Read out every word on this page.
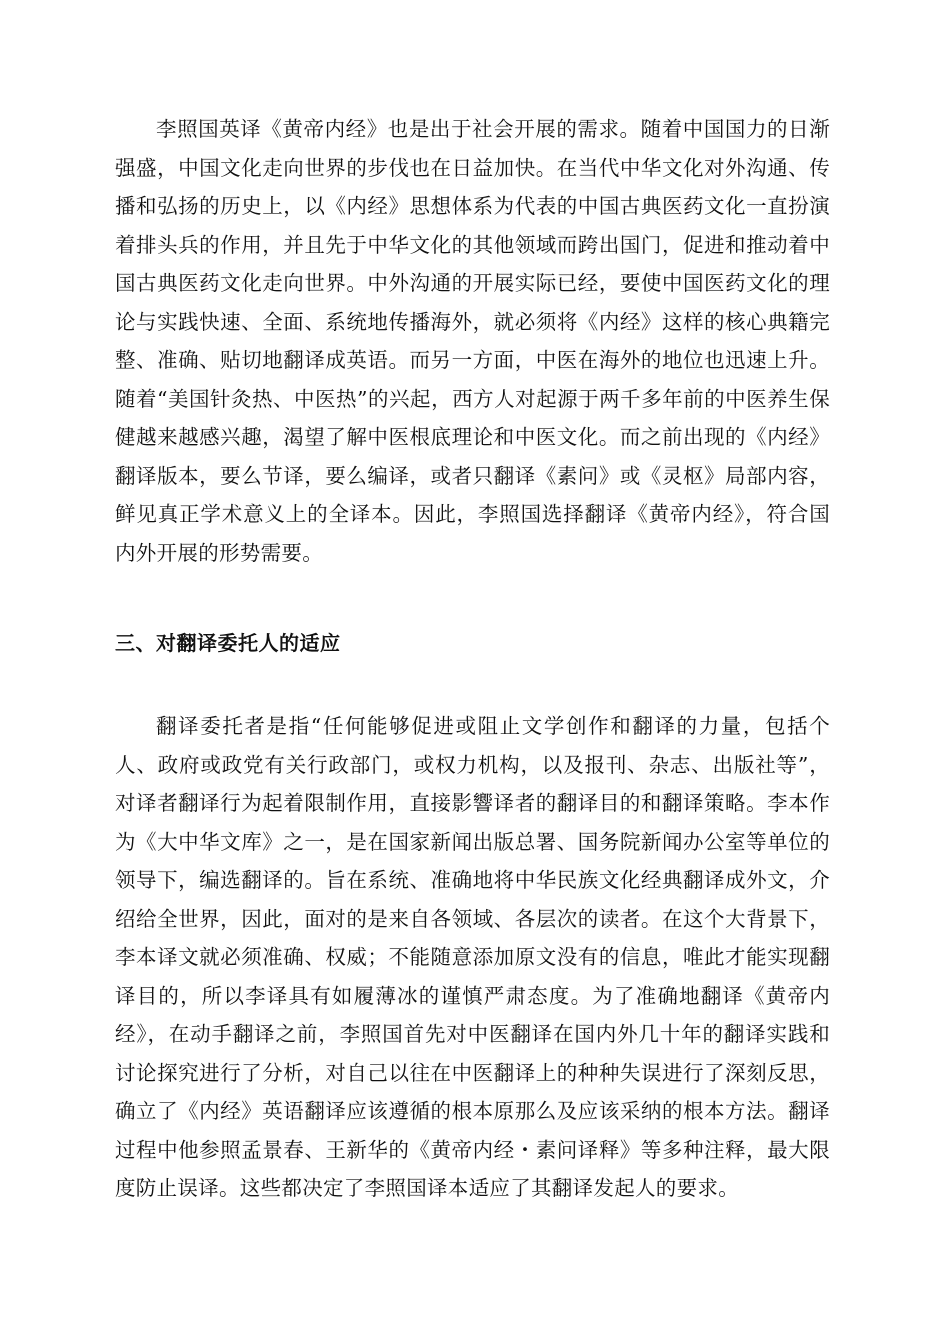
李照国英译《黄帝内经》也是出于社会开展的需求。随着中国国力的日渐强盛，中国文化走向世界的步伐也在日益加快。在当代中华文化对外沟通、传播和弘扬的历史上，以《内经》思想体系为代表的中国古典医药文化一直扮演着排头兵的作用，并且先于中华文化的其他领域而跨出国门，促进和推动着中国古典医药文化走向世界。中外沟通的开展实际已经，要使中国医药文化的理论与实践快速、全面、系统地传播海外，就必须将《内经》这样的核心典籍完整、准确、贴切地翻译成英语。而另一方面，中医在海外的地位也迅速上升。随着“美国针灸热、中医热”的兴起，西方人对起源于两千多年前的中医养生保健越来越感兴趣，渴望了解中医根底理论和中医文化。而之前出现的《内经》翻译版本，要么节译，要么编译，或者只翻译《素问》或《灵枢》局部内容，鲜见真正学术意义上的全译本。因此，李照国选择翻译《黄帝内经》，符合国内外开展的形势需要。

三、对翻译委托人的适应

翻译委托者是指“任何能够促进或阻止文学创作和翻译的力量，包括个人、政府或政党有关行政部门，或权力机构，以及报刊、杂志、出版社等”，对译者翻译行为起着限制作用，直接影響译者的翻译目的和翻译策略。李本作为《大中华文库》之一，是在国家新闻出版总署、国务院新闻办公室等单位的领导下，编选翻译的。旨在系统、准确地将中华民族文化经典翻译成外文，介绍给全世界，因此，面对的是来自各领域、各层次的读者。在这个大背景下，李本译文就必须准确、权威；不能随意添加原文没有的信息，唯此才能实现翻译目的，所以李译具有如履薄冰的谨慎严肃态度。为了准确地翻译《黄帝内经》，在动手翻译之前，李照国首先对中医翻译在国内外几十年的翻译实践和讨论探究进行了分析，对自己以往在中医翻译上的种种失误进行了深刻反思，确立了《内经》英语翻译应该遵循的根本原那么及应该采纳的根本方法。翻译过程中他参照孟景春、王新华的《黄帝内经・素问译释》等多种注释，最大限度防止误译。这些都决定了李照国译本适应了其翻译发起人的要求。
